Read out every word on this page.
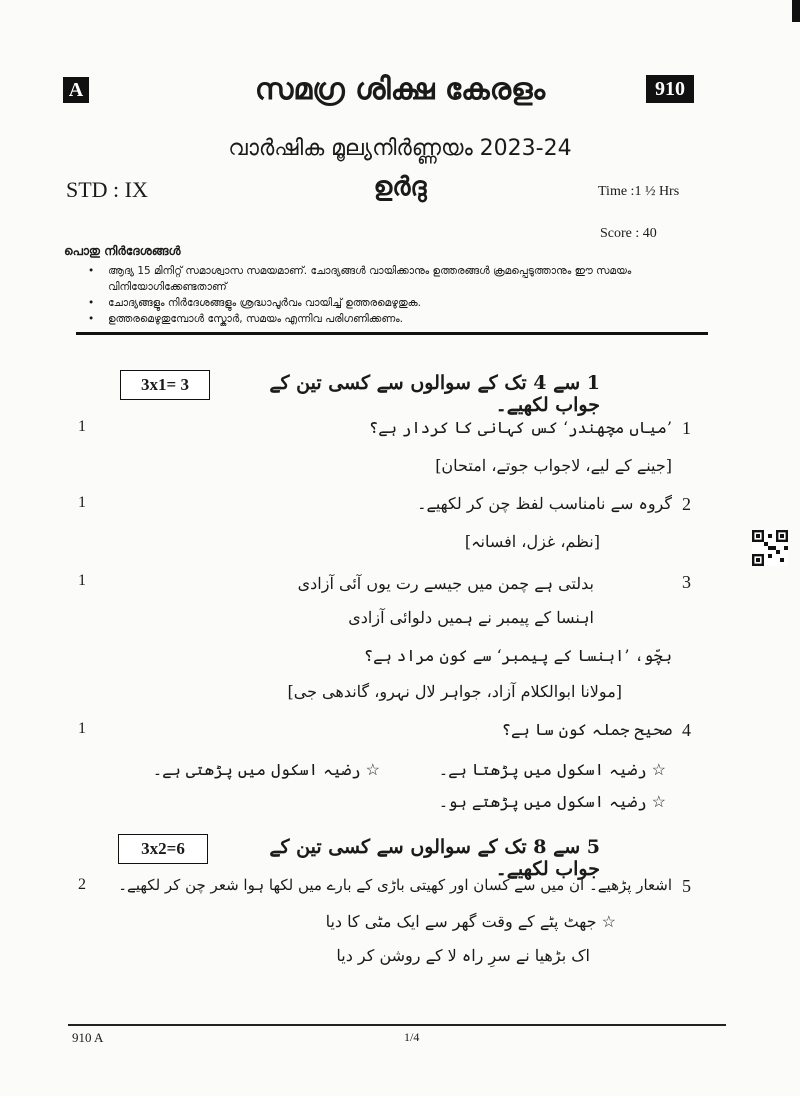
A	സമഗ്ര ശിക്ഷ കേരളം	910
വാർഷിക മൂല്യനിർണ്ണയം 2023-24
STD : IX	ഉർദു	Time :1 ½ Hrs
Score : 40
പൊതു നിർദേശങ്ങൾ
• ആദ്യ 15 മിനിറ്റ് സമാശ്വാസ സമയമാണ്. ചോദ്യങ്ങൾ വായിക്കാനും ഉത്തരങ്ങൾ ക്രമപ്പെടുത്താനും ഈ സമയം വിനിയോഗിക്കേണ്ടതാണ്
• ചോദ്യങ്ങളും നിർദേശങ്ങളും ശ്രദ്ധാപൂർവം വായിച്ച് ഉത്തരമെഴുതുക.
• ഉത്തരമെഴുതുമ്പോൾ സ്കോർ, സമയം എന്നിവ പരിഗണിക്കണം.
3x1= 3	1 سے 4 تک کے سوالوں سے کسی تین کے جواب لکھیے۔
1	1
’میاں مچھندر‘ کس کہانی کا کردار ہے؟
[جینے کے لیے، لاجواب جوتے، امتحان]
1	2
گروہ سے نامناسب لفظ چن کر لکھیے۔
[نظم، غزل، افسانہ]
1	3
بدلتی ہے چمن میں جیسے رت یوں آئی آزادی
اہنسا کے پیمبر نے ہمیں دلوائی آزادی
بچّو، ’اہنسا کے پیمبر‘ سے کون مراد ہے؟
[مولانا ابوالکلام آزاد، جواہر لال نہرو، گاندھی جی]
1	4
صحیح جملہ کون سا ہے؟
☆ رضیہ اسکول میں پڑھتا ہے۔
☆ رضیہ اسکول میں پڑھتی ہے۔
☆ رضیہ اسکول میں پڑھتے ہو۔
3x2=6	5 سے 8 تک کے سوالوں سے کسی تین کے جواب لکھیے۔
2	5
اشعار پڑھیے۔ ان میں سے کسان اور کھیتی باڑی کے بارے میں لکھا ہوا شعر چن کر لکھیے۔
☆ جھٹ پٹے کے وقت گھر سے ایک مٹی کا دیا
اک بڑھیا نے سرِ راہ لا کے روشن کر دیا
910 A	1/4
